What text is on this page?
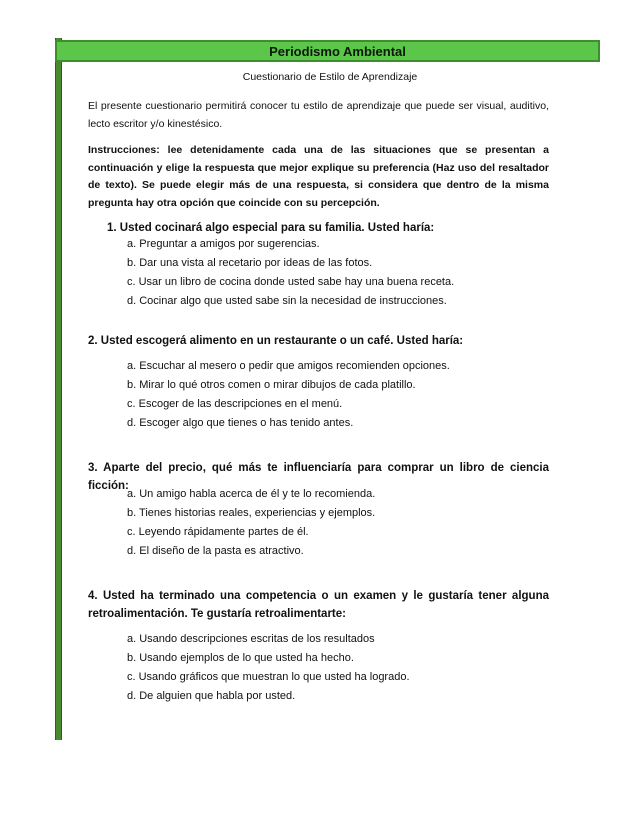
Periodismo Ambiental
Cuestionario de Estilo de Aprendizaje

El presente cuestionario permitirá conocer tu estilo de aprendizaje que puede ser visual, auditivo, lecto escritor y/o kinestésico.

Instrucciones: lee detenidamente cada una de las situaciones que se presentan a continuación y elige la respuesta que mejor explique su preferencia (Haz uso del resaltador de texto). Se puede elegir más de una respuesta, si considera que dentro de la misma pregunta hay otra opción que coincide con su percepción.

1. Usted cocinará algo especial para su familia. Usted haría:
a. Preguntar a amigos por sugerencias.
b. Dar una vista al recetario por ideas de las fotos.
c. Usar un libro de cocina donde usted sabe hay una buena receta.
d. Cocinar algo que usted sabe sin la necesidad de instrucciones.
2. Usted escogerá alimento en un restaurante o un café. Usted haría:
a. Escuchar al mesero o pedir que amigos recomienden opciones.
b. Mirar lo qué otros comen o mirar dibujos de cada platillo.
c. Escoger de las descripciones en el menú.
d. Escoger algo que tienes o has tenido antes.
3. Aparte del precio, qué más te influenciaría para comprar un libro de ciencia ficción:
a. Un amigo habla acerca de él y te lo recomienda.
b. Tienes historias reales, experiencias y ejemplos.
c. Leyendo rápidamente partes de él.
d. El diseño de la pasta es atractivo.
4. Usted ha terminado una competencia o un examen y le gustaría tener alguna retroalimentación. Te gustaría retroalimentarte:
a. Usando descripciones escritas de los resultados
b. Usando ejemplos de lo que usted ha hecho.
c. Usando gráficos que muestran lo que usted ha logrado.
d. De alguien que habla por usted.
